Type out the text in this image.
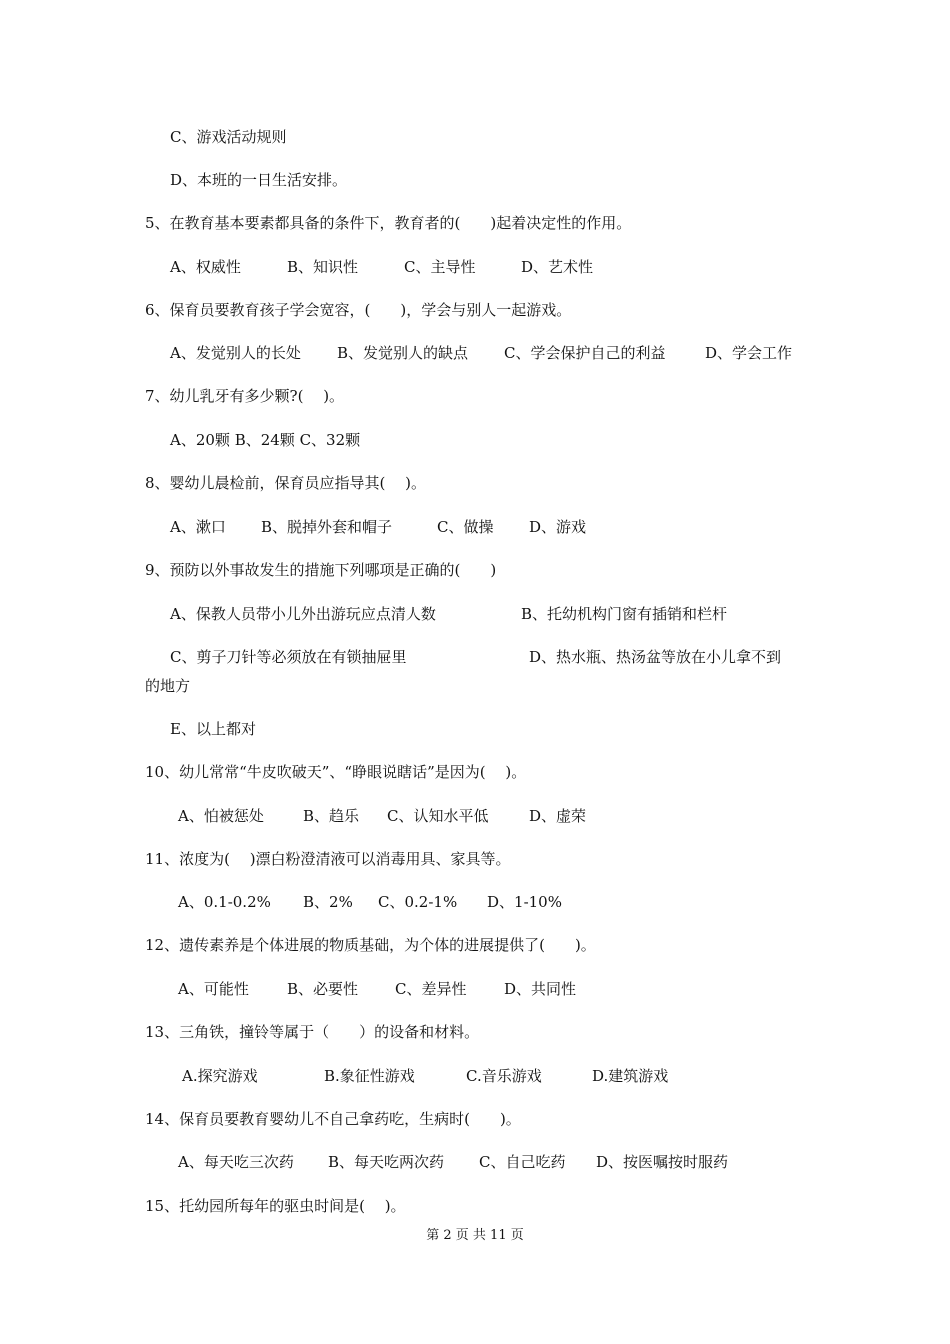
C、游戏活动规则
D、本班的一日生活安排。
5、在教育基本要素都具备的条件下，教育者的(　　)起着决定性的作用。
A、权威性	B、知识性	C、主导性	D、艺术性
6、保育员要教育孩子学会宽容，(　　)，学会与别人一起游戏。
A、发觉别人的长处 B、发觉别人的缺点 C、学会保护自己的利益	D、学会工作
7、幼儿乳牙有多少颗?(　 )。
A、20颗 B、24颗 C、32颗
8、婴幼儿晨检前，保育员应指导其(　 )。
A、漱口 B、脱掉外套和帽子	C、做操 D、游戏
9、预防以外事故发生的措施下列哪项是正确的(　　)
A、保教人员带小儿外出游玩应点清人数	B、托幼机构门窗有插销和栏杆
C、剪子刀针等必须放在有锁抽屉里	D、热水瓶、热汤盆等放在小儿拿不到
的地方
E、以上都对
10、幼儿常常“牛皮吹破天”、“睁眼说瞎话”是因为(　 )。
A、怕被惩处	B、趋乐 C、认知水平低	D、虚荣
11、浓度为(　 )漂白粉澄清液可以消毒用具、家具等。
A、0.1-0.2% B、2% C、0.2-1% D、1-10%
12、遗传素养是个体进展的物质基础，为个体的进展提供了(　　)。
A、可能性	B、必要性 C、差异性	D、共同性
13、三角铁，撞铃等属于（　　）的设备和材料。
A.探究游戏	B.象征性游戏	C.音乐游戏	D.建筑游戏
14、保育员要教育婴幼儿不自己拿药吃，生病时(　　)。
A、每天吃三次药 B、每天吃两次药 C、自己吃药 D、按医嘱按时服药
15、托幼园所每年的驱虫时间是(　 )。
第 2 页 共 11 页
